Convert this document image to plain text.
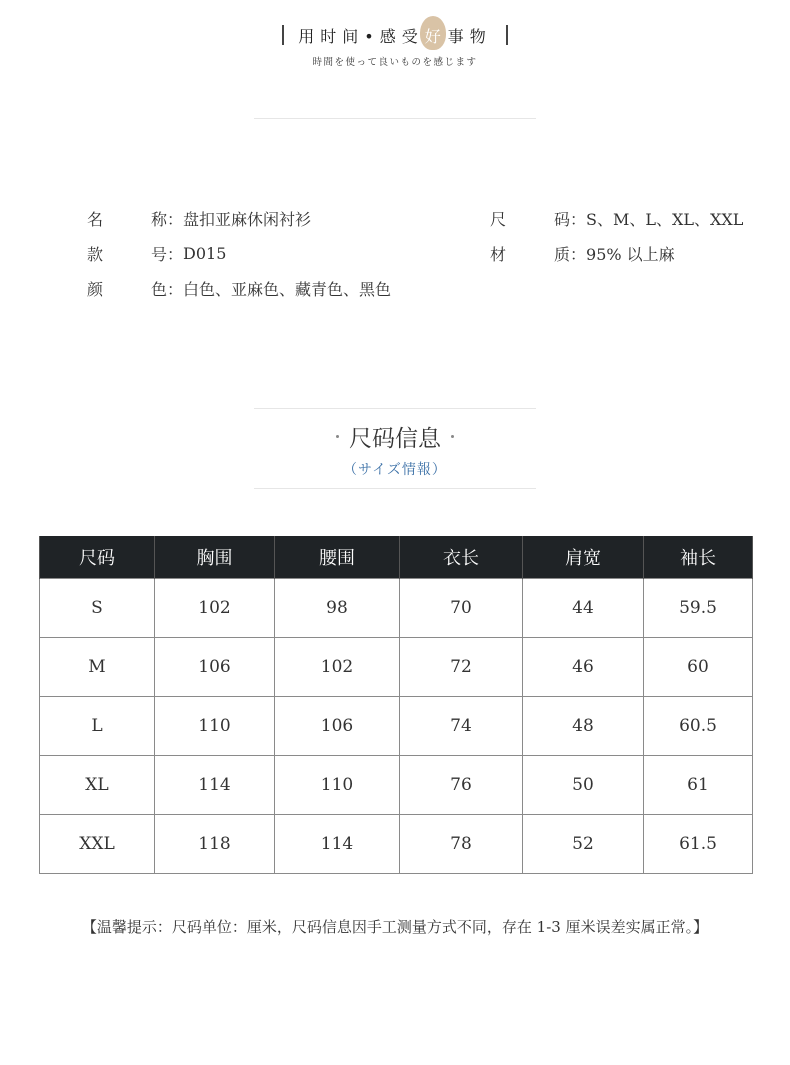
用时间•感受 好 事物
時間を使って良いものを感じます
名	称 ： 盘扣亚麻休闲衬衫
款	号 ： D015
颜	色 ： 白色、亚麻色、藏青色、黑色
尺	码 ： S、M、L、XL、XXL
材	质 ： 95% 以上麻
尺码信息
（サイズ情報）
尺码	胸围	腰围	衣长	肩宽	袖长
S	102	98	70	44	59.5
M	106	102	72	46	60
L	110	106	74	48	60.5
XL	114	110	76	50	61
XXL	118	114	78	52	61.5
【温馨提示：尺码单位：厘米，尺码信息因手工测量方式不同，存在 1-3 厘米误差实属正常。】
